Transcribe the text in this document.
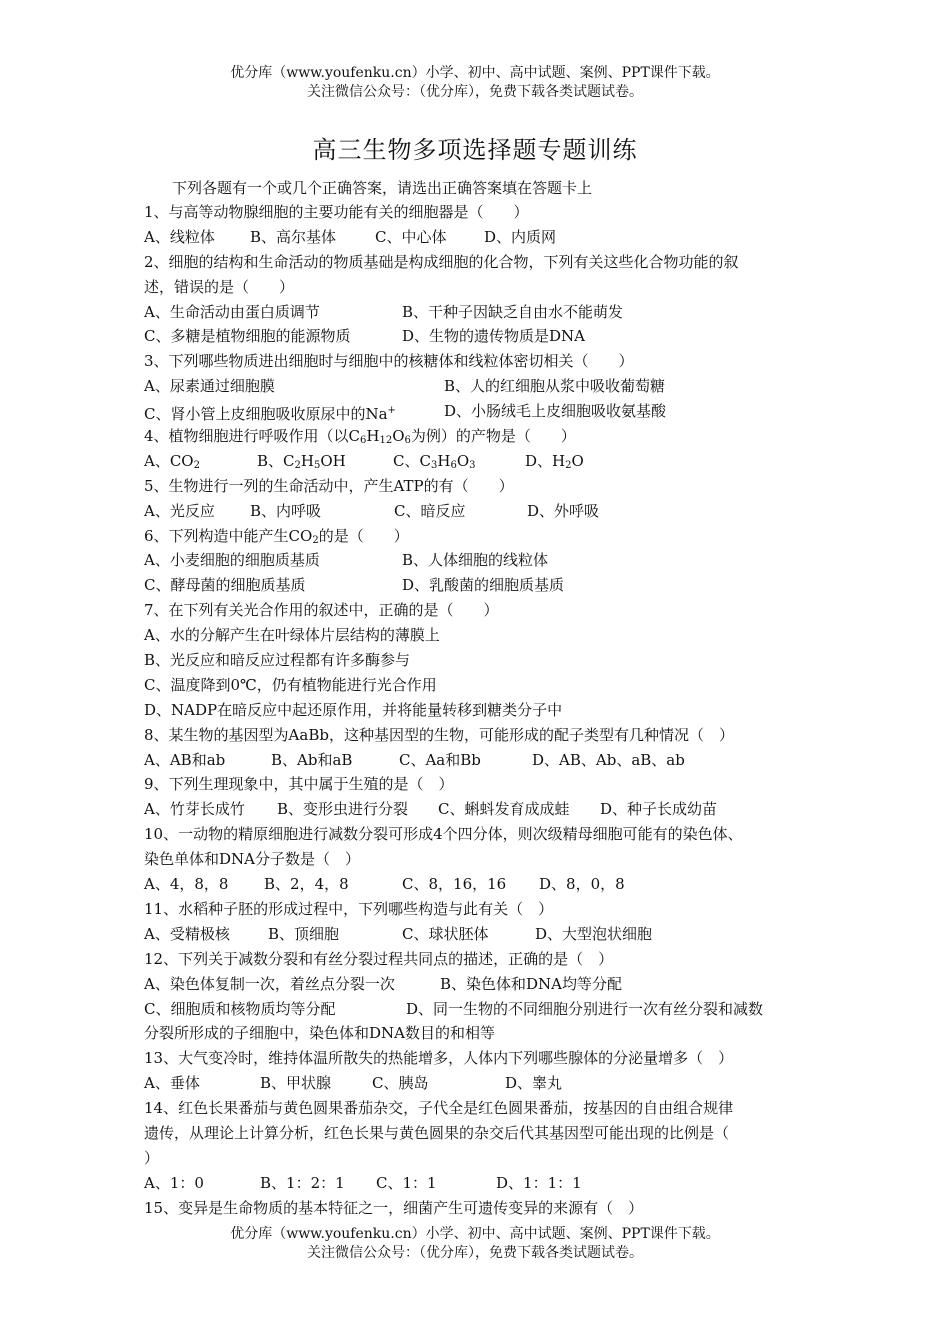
优分库（www.youfenku.cn）小学、初中、高中试题、案例、PPT课件下载。
关注微信公众号：（优分库），免费下载各类试题试卷。
高三生物多项选择题专题训练
下列各题有一个或几个正确答案，请选出正确答案填在答题卡上
1、与高等动物腺细胞的主要功能有关的细胞器是（　　）
A、线粒体	B、高尔基体	C、中心体	D、内质网
2、细胞的结构和生命活动的物质基础是构成细胞的化合物，下列有关这些化合物功能的叙
述，错误的是（　　）
A、生命活动由蛋白质调节	B、干种子因缺乏自由水不能萌发
C、多糖是植物细胞的能源物质	D、生物的遗传物质是DNA
3、下列哪些物质进出细胞时与细胞中的核糖体和线粒体密切相关（　　）
A、尿素通过细胞膜	B、人的红细胞从浆中吸收葡萄糖
C、肾小管上皮细胞吸收原尿中的Na+	D、小肠绒毛上皮细胞吸收氨基酸
4、植物细胞进行呼吸作用（以$C_6H_{12}O_6$为例）的产物是（　　）
A、CO2	B、C2H5OH	C、C3H6O3	D、H2O
5、生物进行一列的生命活动中，产生ATP的有（　　）
A、光反应	B、内呼吸	C、暗反应	D、外呼吸
6、下列构造中能产生$CO_2$的是（　　）
A、小麦细胞的细胞质基质	B、人体细胞的线粒体
C、酵母菌的细胞质基质	D、乳酸菌的细胞质基质
7、在下列有关光合作用的叙述中，正确的是（　　）
A、水的分解产生在叶绿体片层结构的薄膜上
B、光反应和暗反应过程都有许多酶参与
C、温度降到0℃，仍有植物能进行光合作用
D、NADP在暗反应中起还原作用，并将能量转移到糖类分子中
8、某生物的基因型为AaBb，这种基因型的生物，可能形成的配子类型有几种情况（　）
A、AB和ab	B、Ab和aB	C、Aa和Bb	D、AB、Ab、aB、ab
9、下列生理现象中，其中属于生殖的是（　）
A、竹芽长成竹	B、变形虫进行分裂	C、蝌蚪发育成成蛙	D、种子长成幼苗
10、一动物的精原细胞进行减数分裂可形成4个四分体，则次级精母细胞可能有的染色体、
染色单体和DNA分子数是（　）
A、4，8，8	B、2，4，8	C、8，16，16	D、8，0，8
11、水稻种子胚的形成过程中，下列哪些构造与此有关（　）
A、受精极核	B、顶细胞	C、球状胚体	D、大型泡状细胞
12、下列关于减数分裂和有丝分裂过程共同点的描述，正确的是（　）
A、染色体复制一次，着丝点分裂一次	B、染色体和DNA均等分配
C、细胞质和核物质均等分配	D、同一生物的不同细胞分别进行一次有丝分裂和减数
分裂所形成的子细胞中，染色体和DNA数目的和相等
13、大气变冷时，维持体温所散失的热能增多，人体内下列哪些腺体的分泌量增多（　）
A、垂体	B、甲状腺	C、胰岛	D、睾丸
14、红色长果番茄与黄色圆果番茄杂交，子代全是红色圆果番茄，按基因的自由组合规律
遗传，从理论上计算分析，红色长果与黄色圆果的杂交后代其基因型可能出现的比例是（
）
A、1：0	B、1：2：1	C、1：1	D、1：1：1
15、变异是生命物质的基本特征之一，细菌产生可遗传变异的来源有（　）
优分库（www.youfenku.cn）小学、初中、高中试题、案例、PPT课件下载。
关注微信公众号：（优分库），免费下载各类试题试卷。
